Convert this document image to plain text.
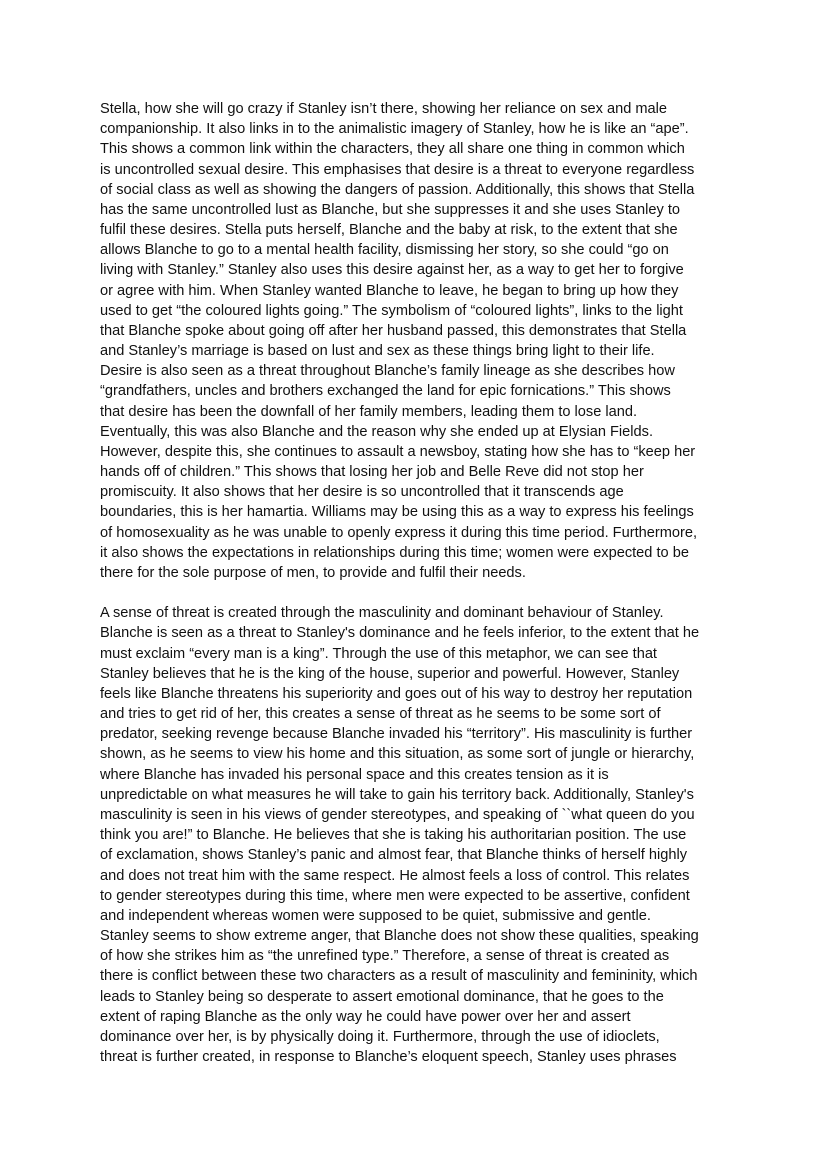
Stella, how she will go crazy if Stanley isn’t there, showing her reliance on sex and male
companionship. It also links in to the animalistic imagery of Stanley, how he is like an “ape”.
This shows a common link within the characters, they all share one thing in common which
is uncontrolled sexual desire. This emphasises that desire is a threat to everyone regardless
of social class as well as showing the dangers of passion. Additionally, this shows that Stella
has the same uncontrolled lust as Blanche, but she suppresses it and she uses Stanley to
fulfil these desires. Stella puts herself, Blanche and the baby at risk, to the extent that she
allows Blanche to go to a mental health facility, dismissing her story, so she could “go on
living with Stanley.” Stanley also uses this desire against her, as a way to get her to forgive
or agree with him. When Stanley wanted Blanche to leave, he began to bring up how they
used to get “the coloured lights going.” The symbolism of “coloured lights”, links to the light
that Blanche spoke about going off after her husband passed, this demonstrates that Stella
and Stanley’s marriage is based on lust and sex as these things bring light to their life.
Desire is also seen as a threat throughout Blanche’s family lineage as she describes how
“grandfathers, uncles and brothers exchanged the land for epic fornications.” This shows
that desire has been the downfall of her family members, leading them to lose land.
Eventually, this was also Blanche and the reason why she ended up at Elysian Fields.
However, despite this, she continues to assault a newsboy, stating how she has to “keep her
hands off of children.” This shows that losing her job and Belle Reve did not stop her
promiscuity. It also shows that her desire is so uncontrolled that it transcends age
boundaries, this is her hamartia. Williams may be using this as a way to express his feelings
of homosexuality as he was unable to openly express it during this time period. Furthermore,
it also shows the expectations in relationships during this time; women were expected to be
there for the sole purpose of men, to provide and fulfil their needs.

A sense of threat is created through the masculinity and dominant behaviour of Stanley.
Blanche is seen as a threat to Stanley's dominance and he feels inferior, to the extent that he
must exclaim “every man is a king”. Through the use of this metaphor, we can see that
Stanley believes that he is the king of the house, superior and powerful. However, Stanley
feels like Blanche threatens his superiority and goes out of his way to destroy her reputation
and tries to get rid of her, this creates a sense of threat as he seems to be some sort of
predator, seeking revenge because Blanche invaded his “territory”. His masculinity is further
shown, as he seems to view his home and this situation, as some sort of jungle or hierarchy,
where Blanche has invaded his personal space and this creates tension as it is
unpredictable on what measures he will take to gain his territory back. Additionally, Stanley's
masculinity is seen in his views of gender stereotypes, and speaking of ``what queen do you
think you are!” to Blanche. He believes that she is taking his authoritarian position. The use
of exclamation, shows Stanley’s panic and almost fear, that Blanche thinks of herself highly
and does not treat him with the same respect. He almost feels a loss of control. This relates
to gender stereotypes during this time, where men were expected to be assertive, confident
and independent whereas women were supposed to be quiet, submissive and gentle.
Stanley seems to show extreme anger, that Blanche does not show these qualities, speaking
of how she strikes him as “the unrefined type.” Therefore, a sense of threat is created as
there is conflict between these two characters as a result of masculinity and femininity, which
leads to Stanley being so desperate to assert emotional dominance, that he goes to the
extent of raping Blanche as the only way he could have power over her and assert
dominance over her, is by physically doing it. Furthermore, through the use of idioclets,
threat is further created, in response to Blanche’s eloquent speech, Stanley uses phrases
